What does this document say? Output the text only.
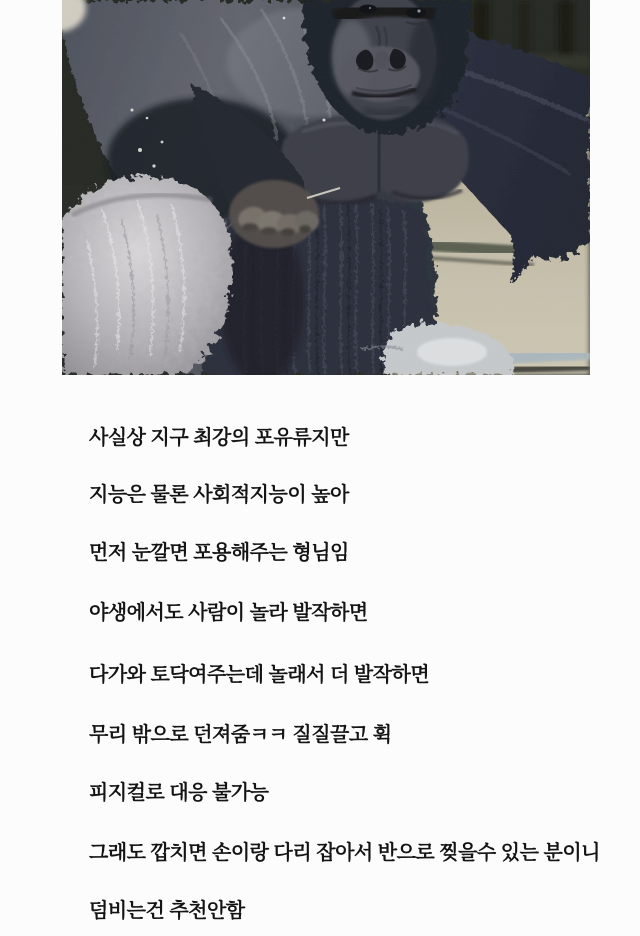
사실상 지구 최강의 포유류지만

지능은 물론 사회적지능이 높아

먼저 눈깔면 포용해주는 형님임

야생에서도 사람이 놀라 발작하면

다가와 토닥여주는데 놀래서 더 발작하면

무리 밖으로 던져줌ㅋㅋ 질질끌고 휙

피지컬로 대응 불가능

그래도 깝치면 손이랑 다리 잡아서 반으로 찢을수 있는 분이니

덤비는건 추천안함
